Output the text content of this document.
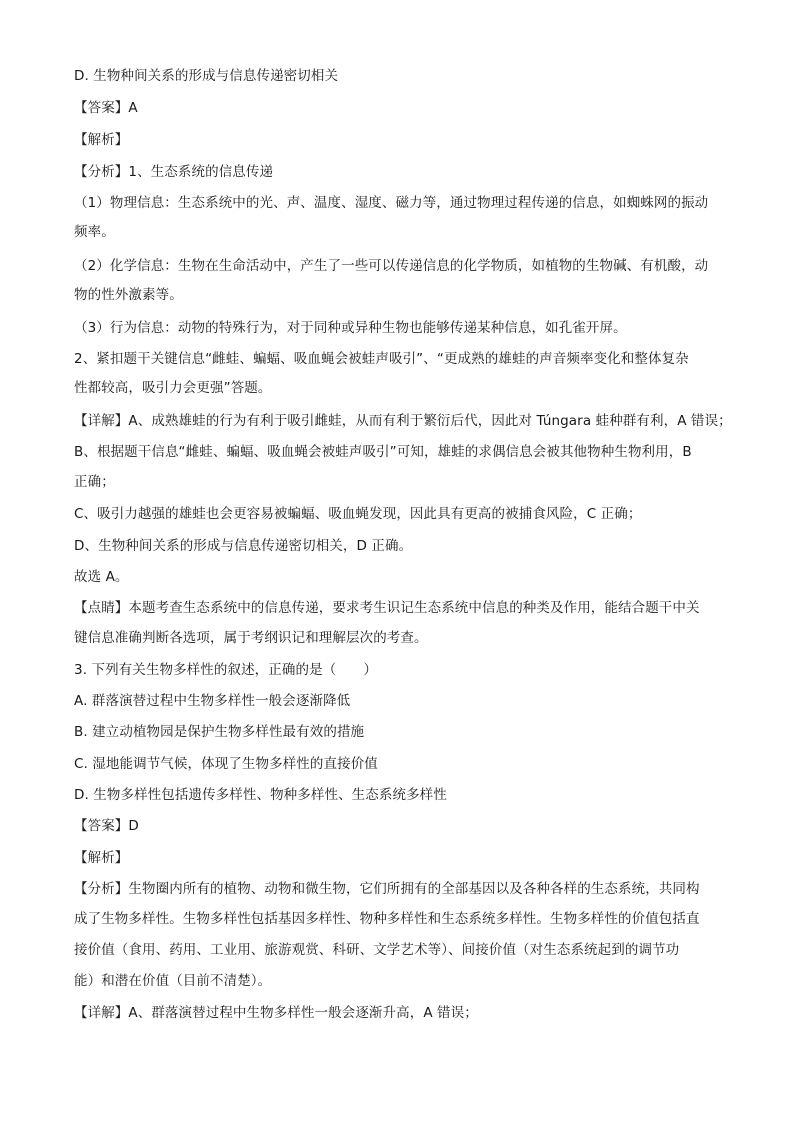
D. 生物种间关系的形成与信息传递密切相关
【答案】A
【解析】
【分析】1、生态系统的信息传递
（1）物理信息：生态系统中的光、声、温度、湿度、磁力等，通过物理过程传递的信息，如蜘蛛网的振动
频率。
（2）化学信息：生物在生命活动中，产生了一些可以传递信息的化学物质，如植物的生物碱、有机酸，动
物的性外激素等。
（3）行为信息：动物的特殊行为，对于同种或异种生物也能够传递某种信息，如孔雀开屏。
2、紧扣题干关键信息“雌蛙、蝙蝠、吸血蝇会被蛙声吸引”、“更成熟的雄蛙的声音频率变化和整体复杂
性都较高，吸引力会更强”答题。
【详解】A、成熟雄蛙的行为有利于吸引雌蛙，从而有利于繁衍后代，因此对 Túngara 蛙种群有利，A 错误；
B、根据题干信息“雌蛙、蝙蝠、吸血蝇会被蛙声吸引”可知，雄蛙的求偶信息会被其他物种生物利用，B
正确；
C、吸引力越强的雄蛙也会更容易被蝙蝠、吸血蝇发现，因此具有更高的被捕食风险，C 正确；
D、生物种间关系的形成与信息传递密切相关，D 正确。
故选 A。
【点睛】本题考查生态系统中的信息传递，要求考生识记生态系统中信息的种类及作用，能结合题干中关
键信息准确判断各选项，属于考纲识记和理解层次的考查。
3. 下列有关生物多样性的叙述，正确的是（　　）
A. 群落演替过程中生物多样性一般会逐渐降低
B. 建立动植物园是保护生物多样性最有效的措施
C. 湿地能调节气候，体现了生物多样性的直接价值
D. 生物多样性包括遗传多样性、物种多样性、生态系统多样性
【答案】D
【解析】
【分析】生物圈内所有的植物、动物和微生物，它们所拥有的全部基因以及各种各样的生态系统，共同构
成了生物多样性。生物多样性包括基因多样性、物种多样性和生态系统多样性。生物多样性的价值包括直
接价值（食用、药用、工业用、旅游观赏、科研、文学艺术等）、间接价值（对生态系统起到的调节功
能）和潜在价值（目前不清楚）。
【详解】A、群落演替过程中生物多样性一般会逐渐升高，A 错误；
